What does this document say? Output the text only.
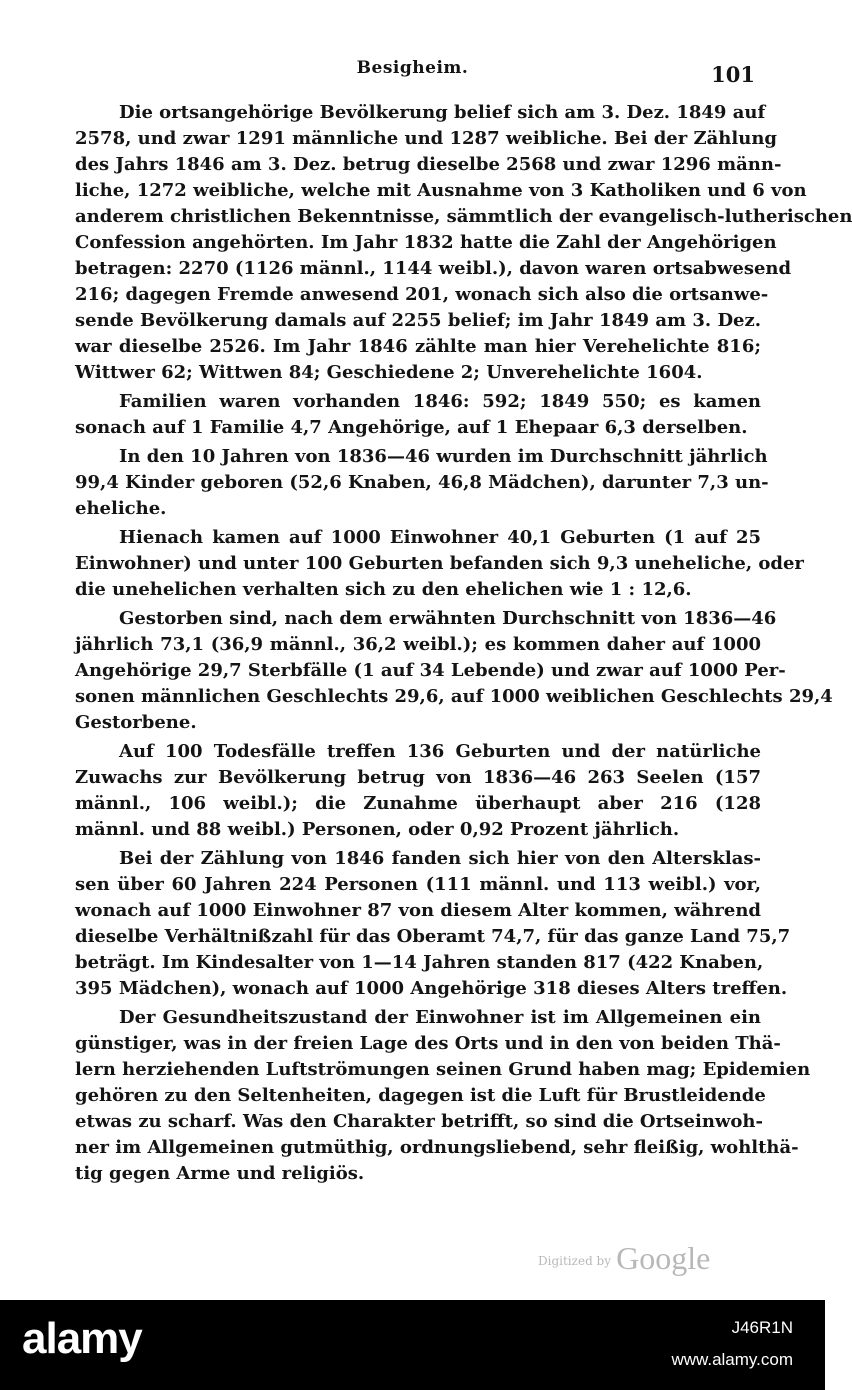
Besigheim.	101
Die ortsangehörige Bevölkerung belief sich am 3. Dez. 1849 auf
2578, und zwar 1291 männliche und 1287 weibliche. Bei der Zählung
des Jahrs 1846 am 3. Dez. betrug dieselbe 2568 und zwar 1296 männ-
liche, 1272 weibliche, welche mit Ausnahme von 3 Katholiken und 6 von
anderem christlichen Bekenntnisse, sämmtlich der evangelisch-lutherischen
Confession angehörten. Im Jahr 1832 hatte die Zahl der Angehörigen
betragen: 2270 (1126 männl., 1144 weibl.), davon waren ortsabwesend
216; dagegen Fremde anwesend 201, wonach sich also die ortsanwe-
sende Bevölkerung damals auf 2255 belief; im Jahr 1849 am 3. Dez.
war dieselbe 2526. Im Jahr 1846 zählte man hier Verehelichte 816;
Wittwer 62; Wittwen 84; Geschiedene 2; Unverehelichte 1604.
Familien waren vorhanden 1846: 592; 1849 550; es kamen
sonach auf 1 Familie 4,7 Angehörige, auf 1 Ehepaar 6,3 derselben.
In den 10 Jahren von 1836—46 wurden im Durchschnitt jährlich
99,4 Kinder geboren (52,6 Knaben, 46,8 Mädchen), darunter 7,3 un-
eheliche.
Hienach kamen auf 1000 Einwohner 40,1 Geburten (1 auf 25
Einwohner) und unter 100 Geburten befanden sich 9,3 uneheliche, oder
die unehelichen verhalten sich zu den ehelichen wie 1 : 12,6.
Gestorben sind, nach dem erwähnten Durchschnitt von 1836—46
jährlich 73,1 (36,9 männl., 36,2 weibl.); es kommen daher auf 1000
Angehörige 29,7 Sterbfälle (1 auf 34 Lebende) und zwar auf 1000 Per-
sonen männlichen Geschlechts 29,6, auf 1000 weiblichen Geschlechts 29,4
Gestorbene.
Auf 100 Todesfälle treffen 136 Geburten und der natürliche
Zuwachs zur Bevölkerung betrug von 1836—46 263 Seelen (157
männl., 106 weibl.); die Zunahme überhaupt aber 216 (128
männl. und 88 weibl.) Personen, oder 0,92 Prozent jährlich.
Bei der Zählung von 1846 fanden sich hier von den Altersklas-
sen über 60 Jahren 224 Personen (111 männl. und 113 weibl.) vor,
wonach auf 1000 Einwohner 87 von diesem Alter kommen, während
dieselbe Verhältnißzahl für das Oberamt 74,7, für das ganze Land 75,7
beträgt. Im Kindesalter von 1—14 Jahren standen 817 (422 Knaben,
395 Mädchen), wonach auf 1000 Angehörige 318 dieses Alters treffen.
Der Gesundheitszustand der Einwohner ist im Allgemeinen ein
günstiger, was in der freien Lage des Orts und in den von beiden Thä-
lern herziehenden Luftströmungen seinen Grund haben mag; Epidemien
gehören zu den Seltenheiten, dagegen ist die Luft für Brustleidende
etwas zu scharf. Was den Charakter betrifft, so sind die Ortseinwoh-
ner im Allgemeinen gutmüthig, ordnungsliebend, sehr fleißig, wohlthä-
tig gegen Arme und religiös.
$^{Digitized by}$ Google
alamy	J46R1N
www.alamy.com
